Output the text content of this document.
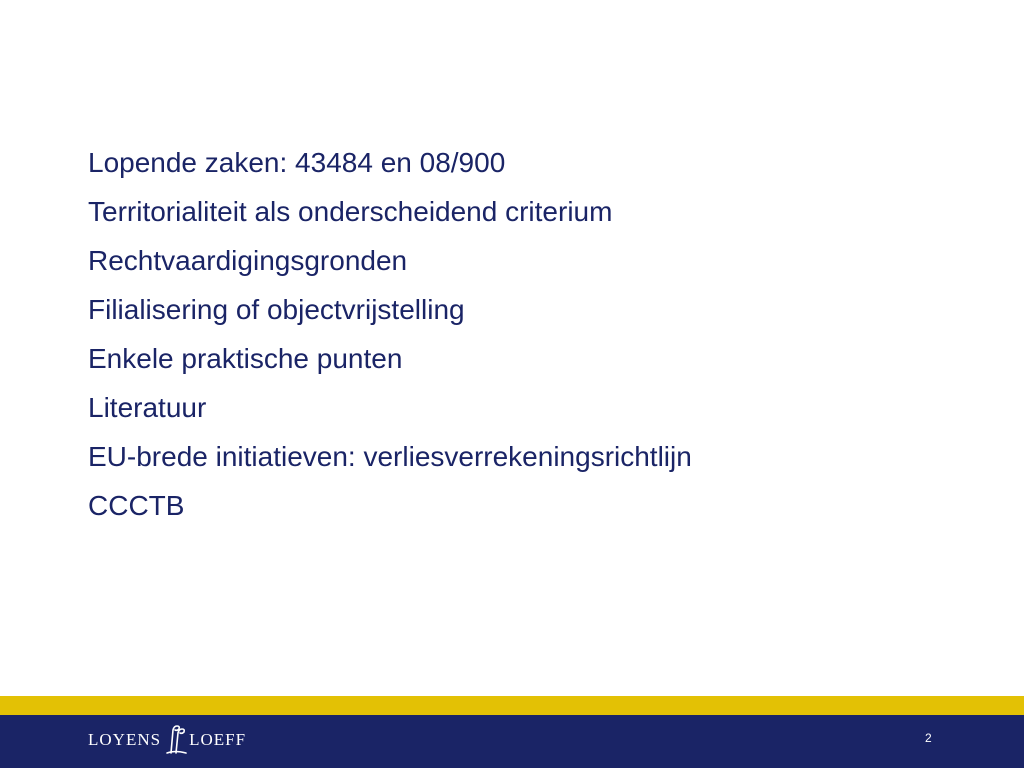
Lopende zaken: 43484 en 08/900
Territorialiteit als onderscheidend criterium
Rechtvaardigingsgronden
Filialisering of objectvrijstelling
Enkele praktische punten
Literatuur
EU-brede initiatieven: verliesverrekeningsrichtlijn
CCCTB
LOYENS LOEFF	2
